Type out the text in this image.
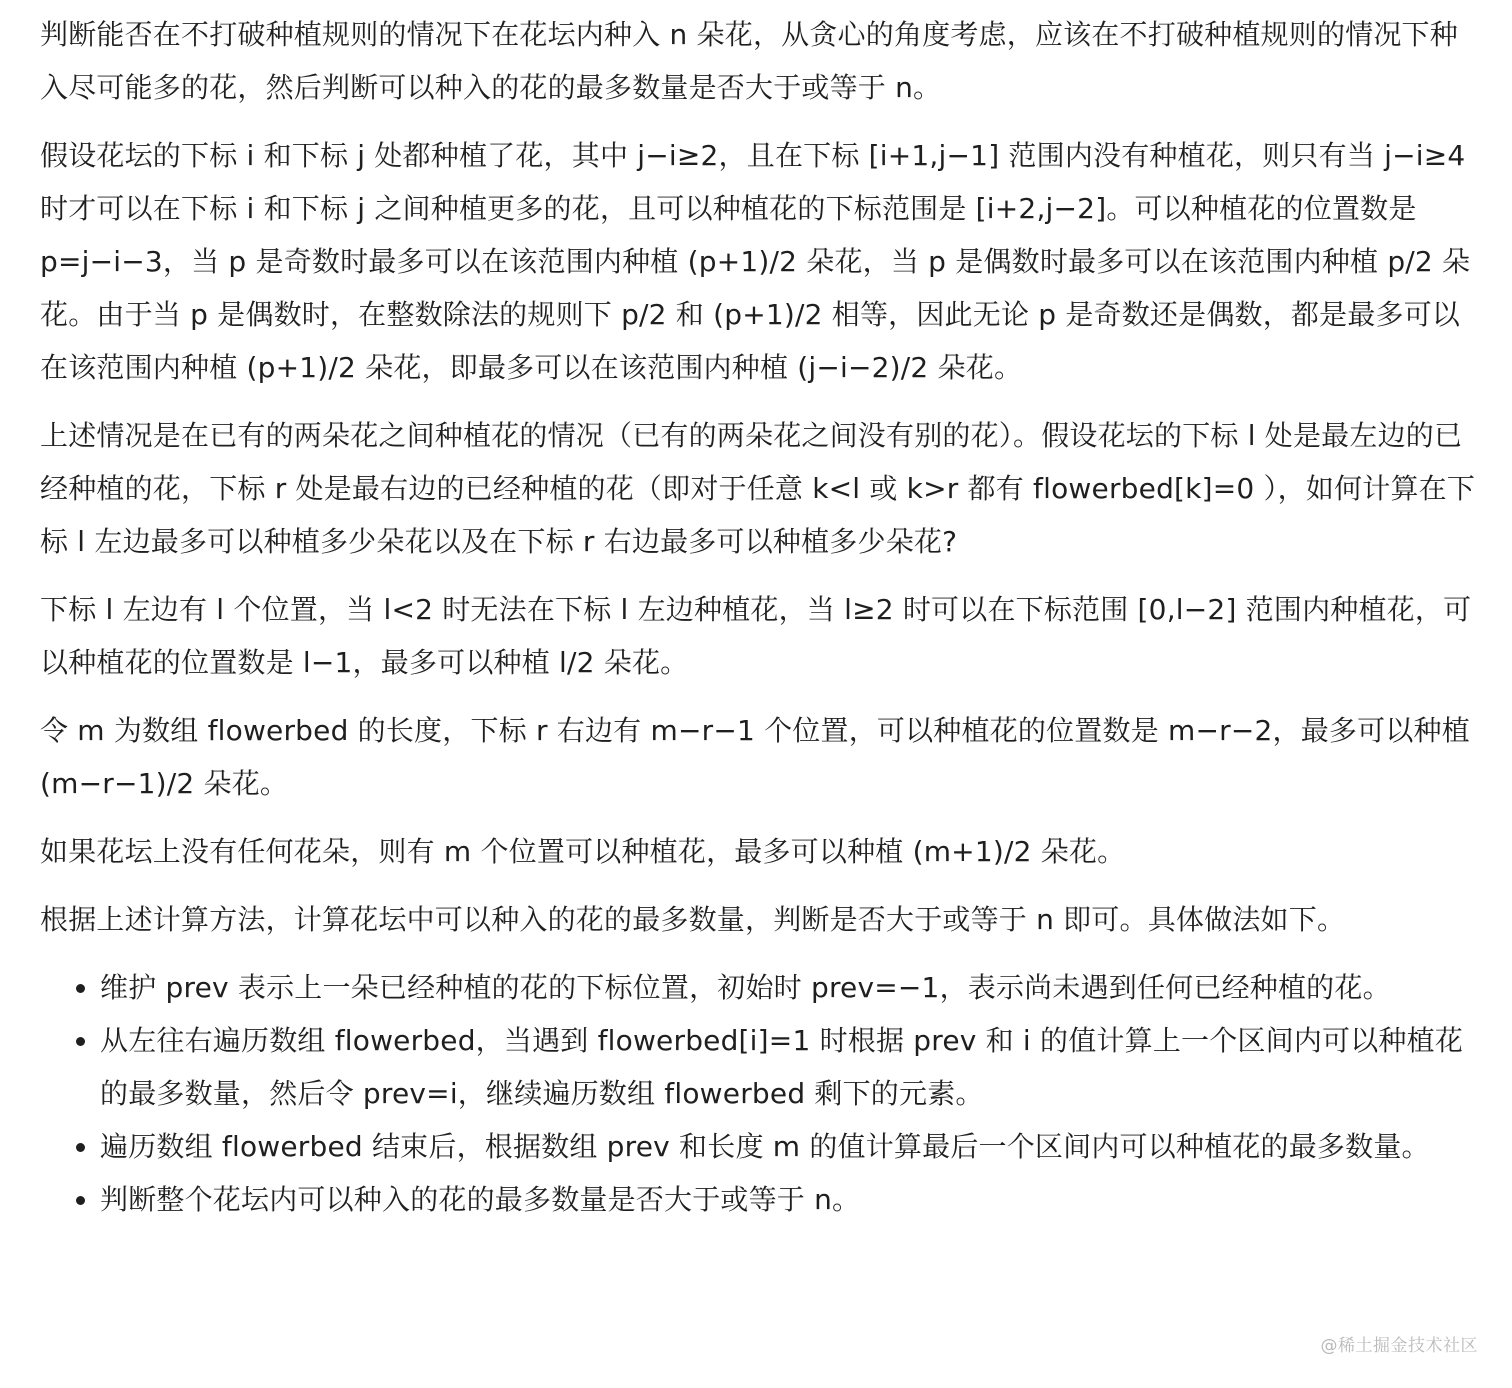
判断能否在不打破种植规则的情况下在花坛内种入 n 朵花，从贪心的角度考虑，应该在不打破种植规则的情况下种入尽可能多的花，然后判断可以种入的花的最多数量是否大于或等于 n。

假设花坛的下标 i 和下标 j 处都种植了花，其中 j−i≥2，且在下标 [i+1,j−1] 范围内没有种植花，则只有当 j−i≥4 时才可以在下标 i 和下标 j 之间种植更多的花，且可以种植花的下标范围是 [i+2,j−2]。可以种植花的位置数是 p=j−i−3，当 p 是奇数时最多可以在该范围内种植 (p+1)/2 朵花，当 p 是偶数时最多可以在该范围内种植 p/2 朵花。由于当 p 是偶数时，在整数除法的规则下 p/2 和 (p+1)/2 相等，因此无论 p 是奇数还是偶数，都是最多可以在该范围内种植 (p+1)/2 朵花，即最多可以在该范围内种植 (j−i−2)/2 朵花。

上述情况是在已有的两朵花之间种植花的情况（已有的两朵花之间没有别的花）。假设花坛的下标 l 处是最左边的已经种植的花，下标 r 处是最右边的已经种植的花（即对于任意 k<l 或 k>r 都有 flowerbed[k]=0 ），如何计算在下标 l 左边最多可以种植多少朵花以及在下标 r 右边最多可以种植多少朵花?

下标 l 左边有 l 个位置，当 l<2 时无法在下标 l 左边种植花，当 l≥2 时可以在下标范围 [0,l−2] 范围内种植花，可以种植花的位置数是 l−1，最多可以种植 l/2 朵花。

令 m 为数组 flowerbed 的长度，下标 r 右边有 m−r−1 个位置，可以种植花的位置数是 m−r−2，最多可以种植 (m−r−1)/2 朵花。

如果花坛上没有任何花朵，则有 m 个位置可以种植花，最多可以种植 (m+1)/2 朵花。

根据上述计算方法，计算花坛中可以种入的花的最多数量，判断是否大于或等于 n 即可。具体做法如下。

• 维护 prev 表示上一朵已经种植的花的下标位置，初始时 prev=−1，表示尚未遇到任何已经种植的花。
• 从左往右遍历数组 flowerbed，当遇到 flowerbed[i]=1 时根据 prev 和 i 的值计算上一个区间内可以种植花的最多数量，然后令 prev=i，继续遍历数组 flowerbed 剩下的元素。
• 遍历数组 flowerbed 结束后，根据数组 prev 和长度 m 的值计算最后一个区间内可以种植花的最多数量。
• 判断整个花坛内可以种入的花的最多数量是否大于或等于 n。
@稀土掘金技术社区
